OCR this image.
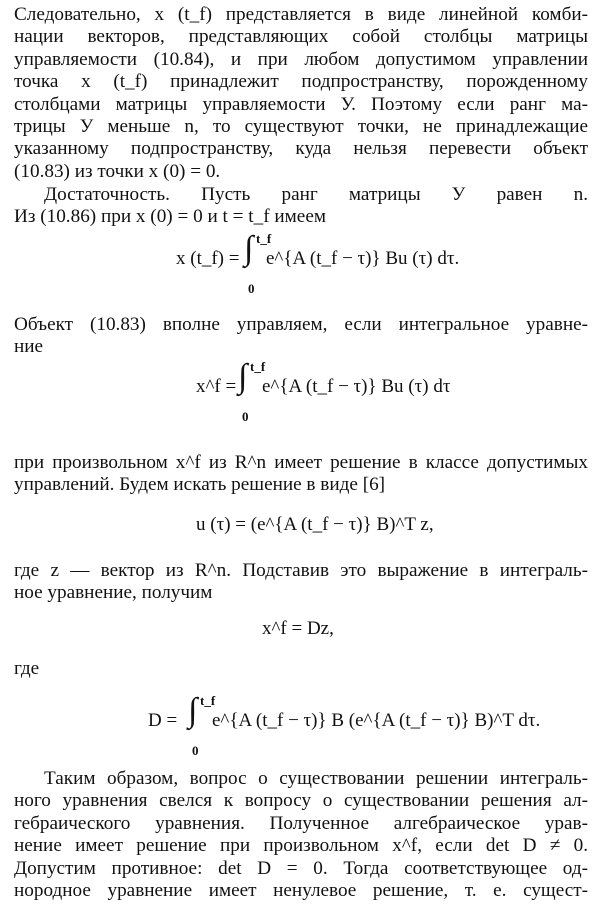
Следовательно, x (t_f) представляется в виде линейной комби-
нации векторов, представляющих собой столбцы матрицы
управляемости (10.84), и при любом допустимом управлении
точка x (t_f) принадлежит подпространству, порожденному
столбцами матрицы управляемости У. Поэтому если ранг ма-
трицы У меньше n, то существуют точки, не принадлежащие
указанному подпространству, куда нельзя перевести объект
(10.83) из точки x (0) = 0.
Достаточность. Пусть ранг матрицы У равен n.
Из (10.86) при x (0) = 0 и t = t_f имеем
x (t_f) = ∫ t_f
0
e^{A (t_f − τ)} Bu (τ) dτ.
Объект (10.83) вполне управляем, если интегральное уравне-
ние
x^f = ∫ t_f
0
e^{A (t_f − τ)} Bu (τ) dτ
при произвольном x^f из R^n имеет решение в классе допустимых
управлений. Будем искать решение в виде [6]
u (τ) = (e^{A (t_f − τ)} B)^T z,
где z — вектор из R^n. Подставив это выражение в интеграль-
ное уравнение, получим
x^f = Dz,
где
D = ∫ t_f
0
e^{A (t_f − τ)} B (e^{A (t_f − τ)} B)^T dτ.
Таким образом, вопрос о существовании решении интеграль-
ного уравнения свелся к вопросу о существовании решения ал-
гебраического уравнения. Полученное алгебраическое урав-
нение имеет решение при произвольном x^f, если det D ≠ 0.
Допустим противное: det D = 0. Тогда соответствующее од-
нородное уравнение имеет ненулевое решение, т. е. сущест-
